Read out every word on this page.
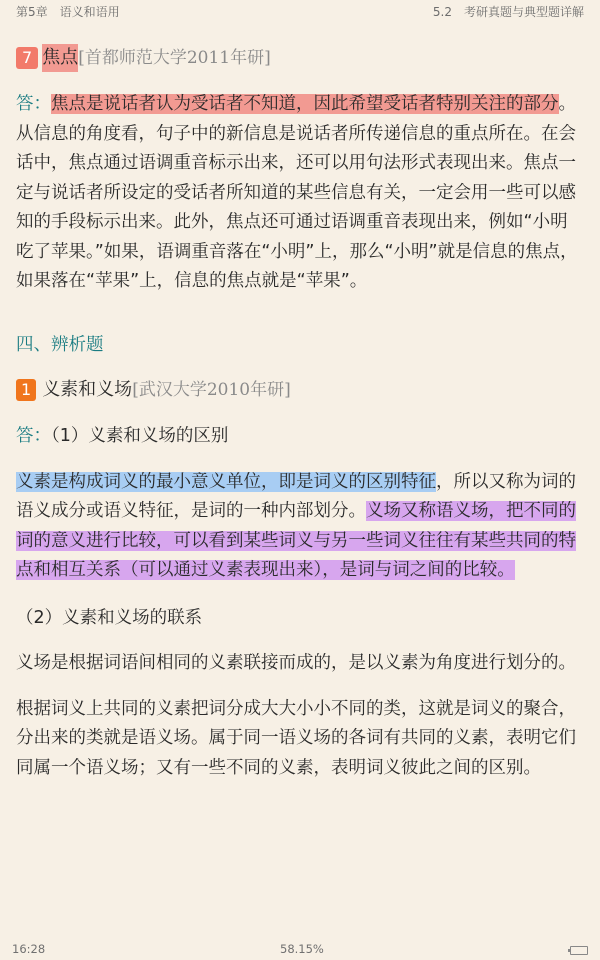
第5章　语义和语用	5.2　考研真题与典型题详解
7 焦点 [首都师范大学2011年研]

答：焦点是说话者认为受话者不知道，因此希望受话者特别关注的部分。从信息的角度看，句子中的新信息是说话者所传递信息的重点所在。在会话中，焦点通过语调重音标示出来，还可以用句法形式表现出来。焦点一定与说话者所设定的受话者所知道的某些信息有关，一定会用一些可以感知的手段标示出来。此外，焦点还可通过语调重音表现出来，例如“小明吃了苹果。”如果，语调重音落在“小明”上，那么“小明”就是信息的焦点，如果落在“苹果”上，信息的焦点就是“苹果”。

四、辨析题

1 义素和义场 [武汉大学2010年研]

答：（1）义素和义场的区别

义素是构成词义的最小意义单位，即是词义的区别特征，所以又称为词的语义成分或语义特征，是词的一种内部划分。义场又称语义场，把不同的词的意义进行比较，可以看到某些词义与另一些词义往往有某些共同的特点和相互关系（可以通过义素表现出来），是词与词之间的比较。

（2）义素和义场的联系

义场是根据词语间相同的义素联接而成的，是以义素为角度进行划分的。

根据词义上共同的义素把词分成大大小小不同的类，这就是词义的聚合，分出来的类就是语义场。属于同一语义场的各词有共同的义素，表明它们同属一个语义场；又有一些不同的义素，表明词义彼此之间的区别。

16:28	58.15%
